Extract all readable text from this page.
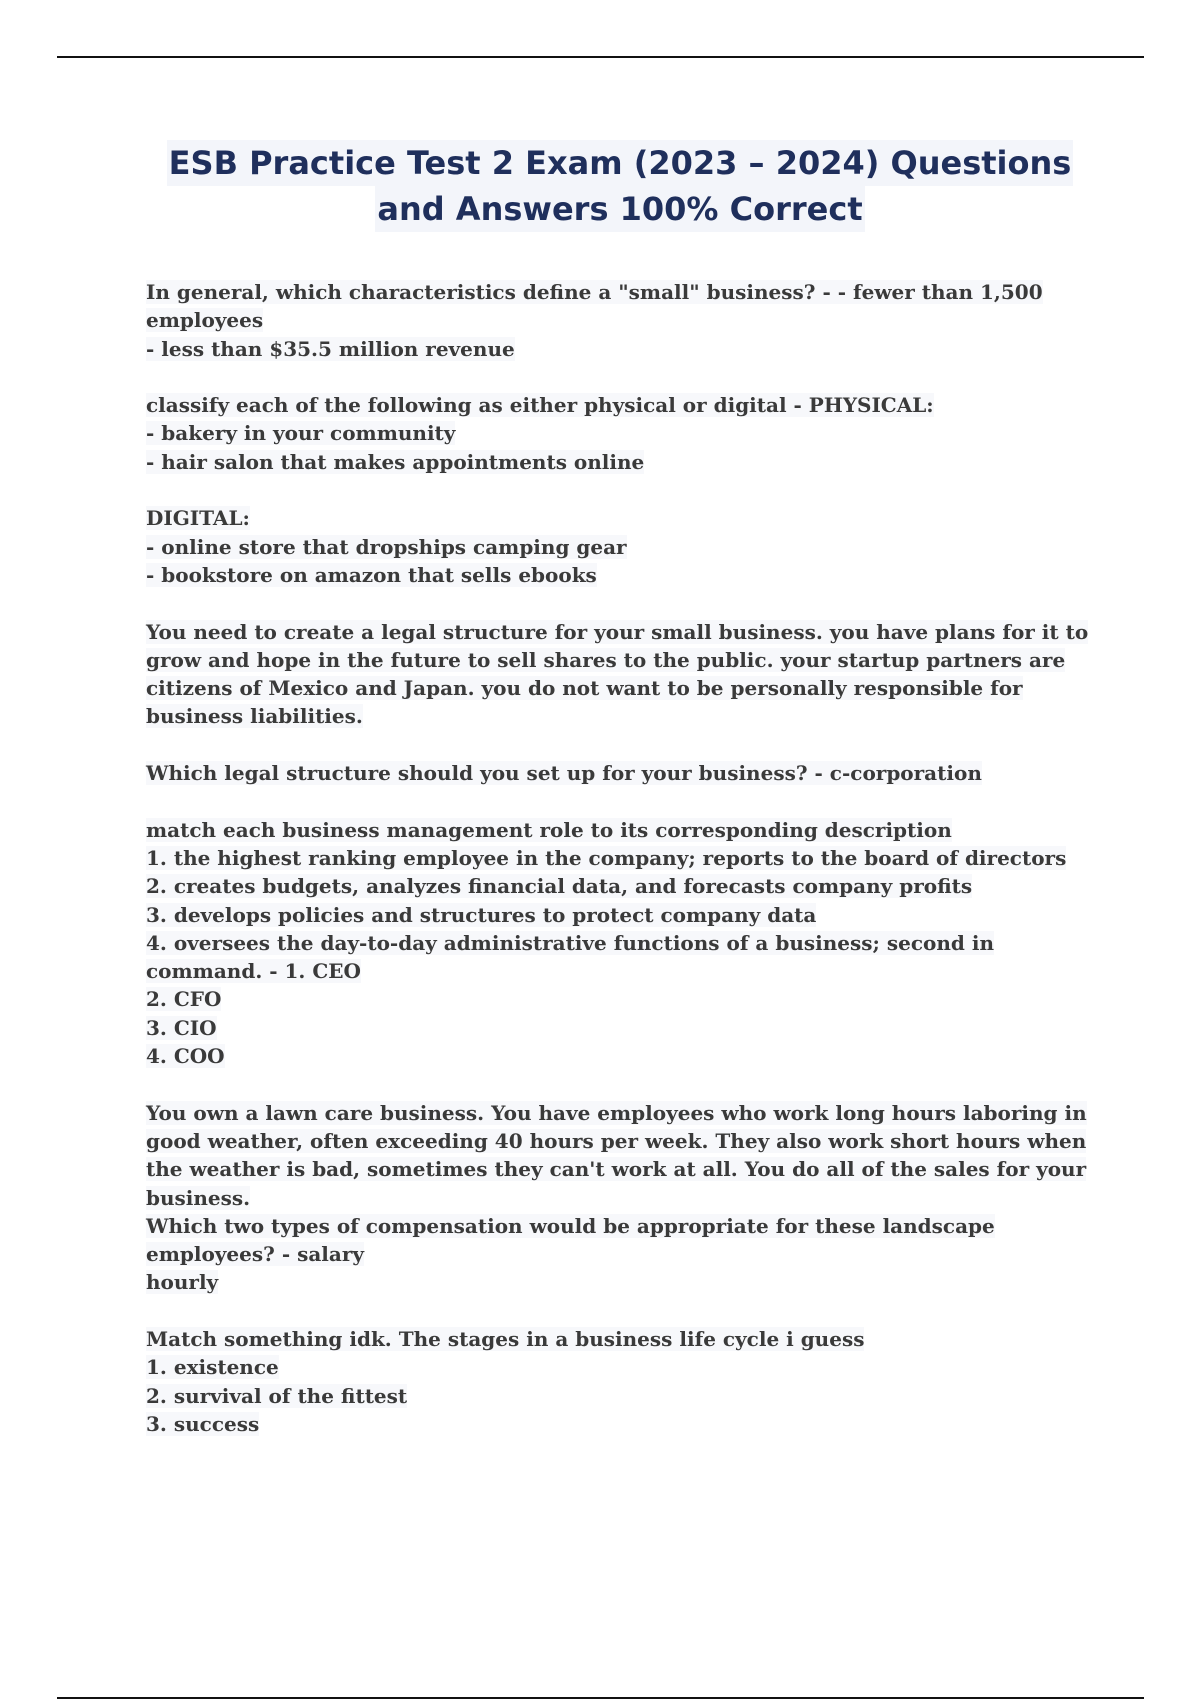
ESB Practice Test 2 Exam (2023 – 2024) Questions
and Answers 100% Correct
In general, which characteristics define a "small" business? - - fewer than 1,500
employees
- less than $35.5 million revenue
classify each of the following as either physical or digital - PHYSICAL:
- bakery in your community
- hair salon that makes appointments online
DIGITAL:
- online store that dropships camping gear
- bookstore on amazon that sells ebooks
You need to create a legal structure for your small business. you have plans for it to
grow and hope in the future to sell shares to the public. your startup partners are
citizens of Mexico and Japan. you do not want to be personally responsible for
business liabilities.
Which legal structure should you set up for your business? - c-corporation
match each business management role to its corresponding description
1. the highest ranking employee in the company; reports to the board of directors
2. creates budgets, analyzes financial data, and forecasts company profits
3. develops policies and structures to protect company data
4. oversees the day-to-day administrative functions of a business; second in
command. - 1. CEO
2. CFO
3. CIO
4. COO
You own a lawn care business. You have employees who work long hours laboring in
good weather, often exceeding 40 hours per week. They also work short hours when
the weather is bad, sometimes they can't work at all. You do all of the sales for your
business.
Which two types of compensation would be appropriate for these landscape
employees? - salary
hourly
Match something idk. The stages in a business life cycle i guess
1. existence
2. survival of the fittest
3. success
